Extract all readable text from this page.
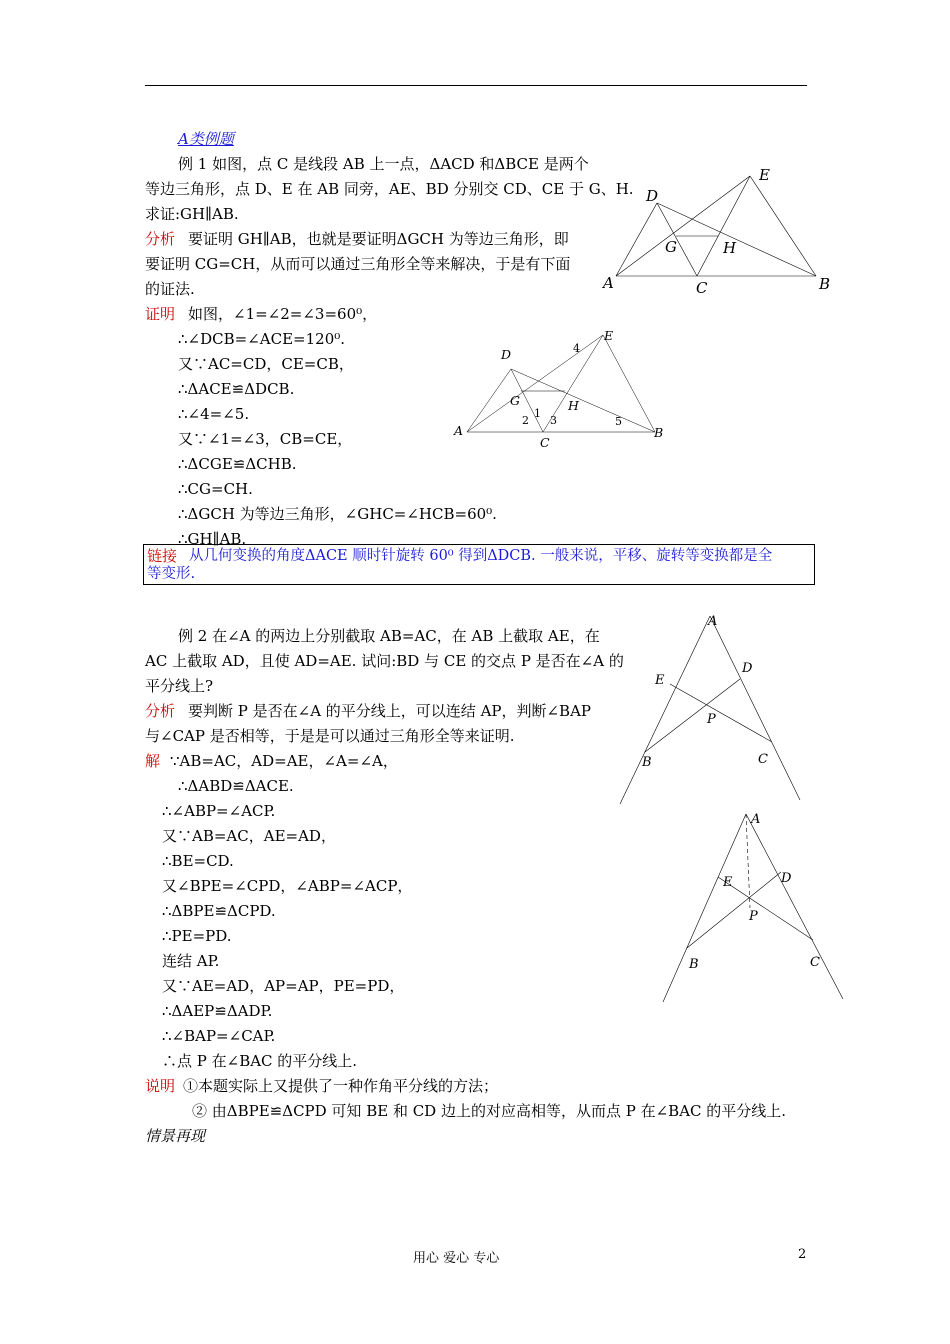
A类例题
例 1 如图，点 C 是线段 AB 上一点，ΔACD 和ΔBCE 是两个
等边三角形，点 D、E 在 AB 同旁，AE、BD 分别交 CD、CE 于 G、H.
求证:GH∥AB.
分析 要证明 GH∥AB，也就是要证明ΔGCH 为等边三角形，即
要证明 CG=CH，从而可以通过三角形全等来解决，于是有下面
的证法.
证明 如图，∠1=∠2=∠3=60⁰，
∴∠DCB=∠ACE=120⁰.
又∵AC=CD，CE=CB，
∴ΔACE≌ΔDCB.
∴∠4=∠5.
又∵∠1=∠3，CB=CE，
∴ΔCGE≌ΔCHB.
∴CG=CH.
∴ΔGCH 为等边三角形，∠GHC=∠HCB=60⁰.
∴GH∥AB.
链接 从几何变换的角度ΔACE 顺时针旋转 60⁰ 得到ΔDCB. 一般来说，平移、旋转等变换都是全
等变形.
例 2 在∠A 的两边上分别截取 AB=AC，在 AB 上截取 AE，在
AC 上截取 AD，且使 AD=AE. 试问:BD 与 CE 的交点 P 是否在∠A 的
平分线上?
分析 要判断 P 是否在∠A 的平分线上，可以连结 AP，判断∠BAP
与∠CAP 是否相等，于是是可以通过三角形全等来证明.
解 ∵AB=AC，AD=AE，∠A=∠A，
∴ΔABD≌ΔACE.
∴∠ABP=∠ACP.
又∵AB=AC，AE=AD，
∴BE=CD.
又∠BPE=∠CPD，∠ABP=∠ACP，
∴ΔBPE≌ΔCPD.
∴PE=PD.
连结 AP.
又∵AE=AD，AP=AP，PE=PD，
∴ΔAEP≌ΔADP.
∴∠BAP=∠CAP.
∴点 P 在∠BAC 的平分线上.
说明 ①本题实际上又提供了一种作角平分线的方法；
② 由ΔBPE≌ΔCPD 可知 BE 和 CD 边上的对应高相等，从而点 P 在∠BAC 的平分线上.
情景再现
D
E
G	H
A	C	B
D
E
G	H
A
C
B
1
2 3
4
5
A
E
D
P
B	C
A
E	D
P
B	C
用心 爱心 专心	2
